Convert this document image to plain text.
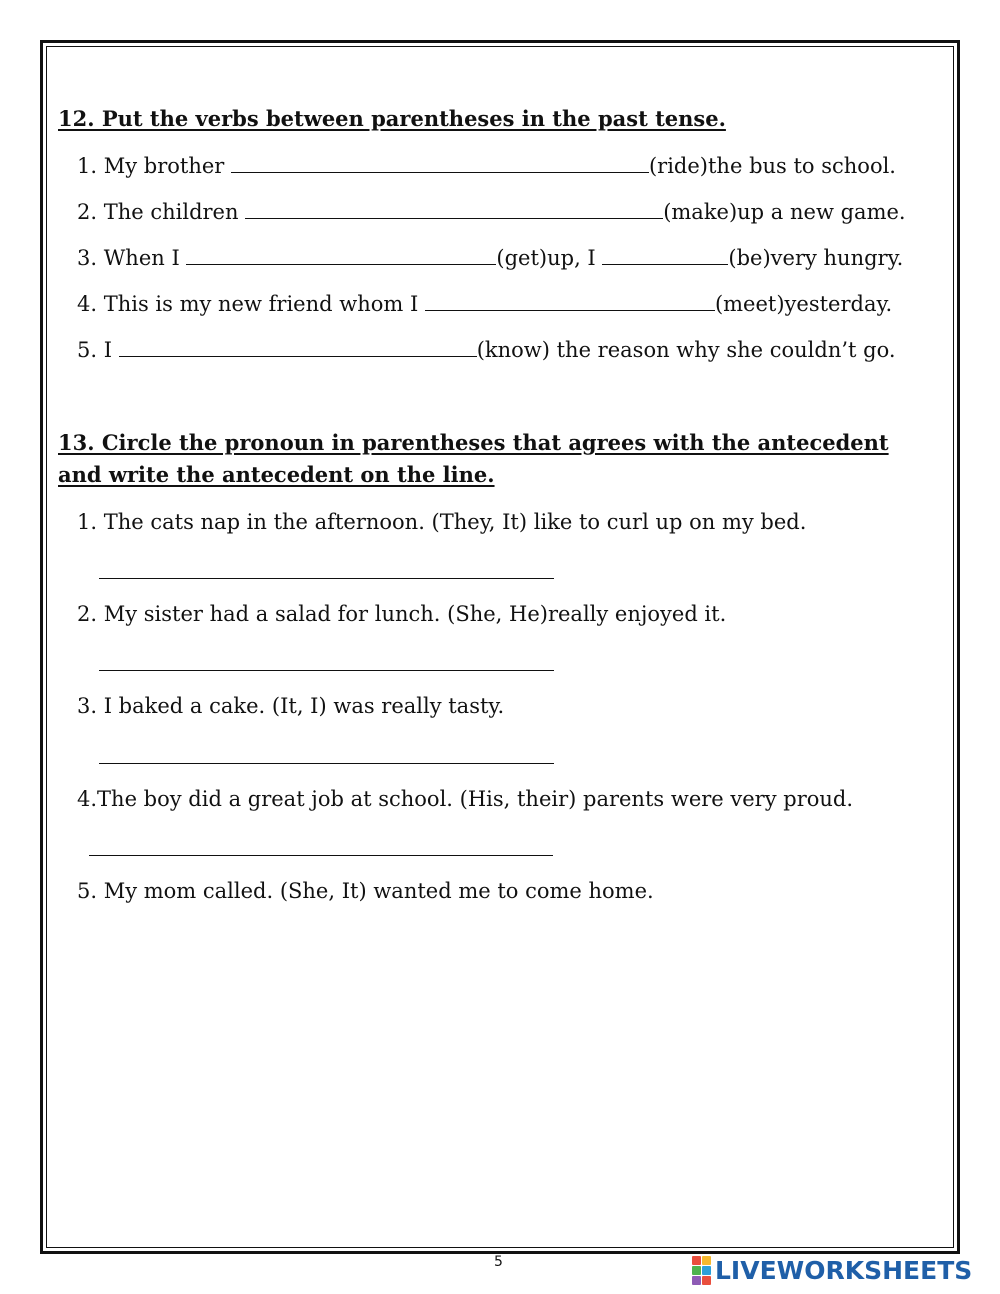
12. Put the verbs between parentheses in the past tense.
1. My brother	(ride)the bus to school.
2. The children	(make)up a new game.
3. When I	(get)up, I	(be)very hungry.
4. This is my new friend whom I	(meet)yesterday.
5. I	(know) the reason why she couldn’t go.
13. Circle the pronoun in parentheses that agrees with the antecedent
and write the antecedent on the line.
1. The cats nap in the afternoon. (They, It) like to curl up on my bed.
2. My sister had a salad for lunch. (She, He)really enjoyed it.
3. I baked a cake. (It, I) was really tasty.
4.The boy did a great job at school. (His, their) parents were very proud.
5. My mom called. (She, It) wanted me to come home.
5	LIVEWORKSHEETS
